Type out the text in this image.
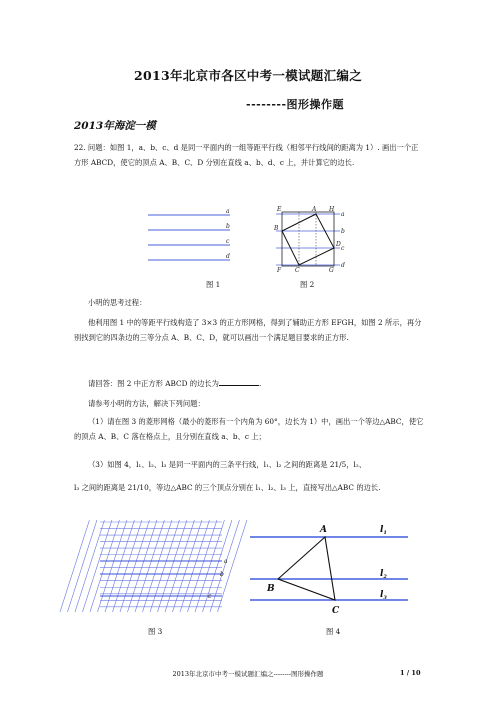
2013年北京市各区中考一模试题汇编之
--------图形操作题
2013年海淀一模
22. 问题：如图 1，a、b、c、d 是同一平面内的一组等距平行线（相邻平行线间的距离为 1）. 画出一个正方形 ABCD，使它的顶点 A、B、C、D 分别在直线 a、b、d、c 上，并计算它的边长.
a
b
c
d
E	A H
B
D
F C	G
a
b
c
d
图 1	图 2
小明的思考过程：
他利用图 1 中的等距平行线构造了 3×3 的正方形网格，得到了辅助正方形 EFGH，如图 2 所示，再分别找到它的四条边的三等分点 A、B、C、D，就可以画出一个满足题目要求的正方形.
请回答：图 2 中正方形 ABCD 的边长为	.
请参考小明的方法，解决下列问题：
（1）请在图 3 的菱形网格（最小的菱形有一个内角为 60°，边长为 1）中，画出一个等边△ABC，使它的顶点 A、B、C 落在格点上，且分别在直线 a、b、c 上；
（3）如图 4，l₁、l₂、l₃ 是同一平面内的三条平行线，l₁、l₂ 之间的距离是 21/5，l₂、
l₃ 之间的距离是 21/10，等边△ABC 的三个顶点分别在 l₁、l₂、l₃ 上，直接写出△ABC 的边长.
a
b
c
A
B
C
$l_1$
$l_2$
$l_3$
图 3	图 4
2013年北京市中考一模试题汇编之--------图形操作题	1 / 10
